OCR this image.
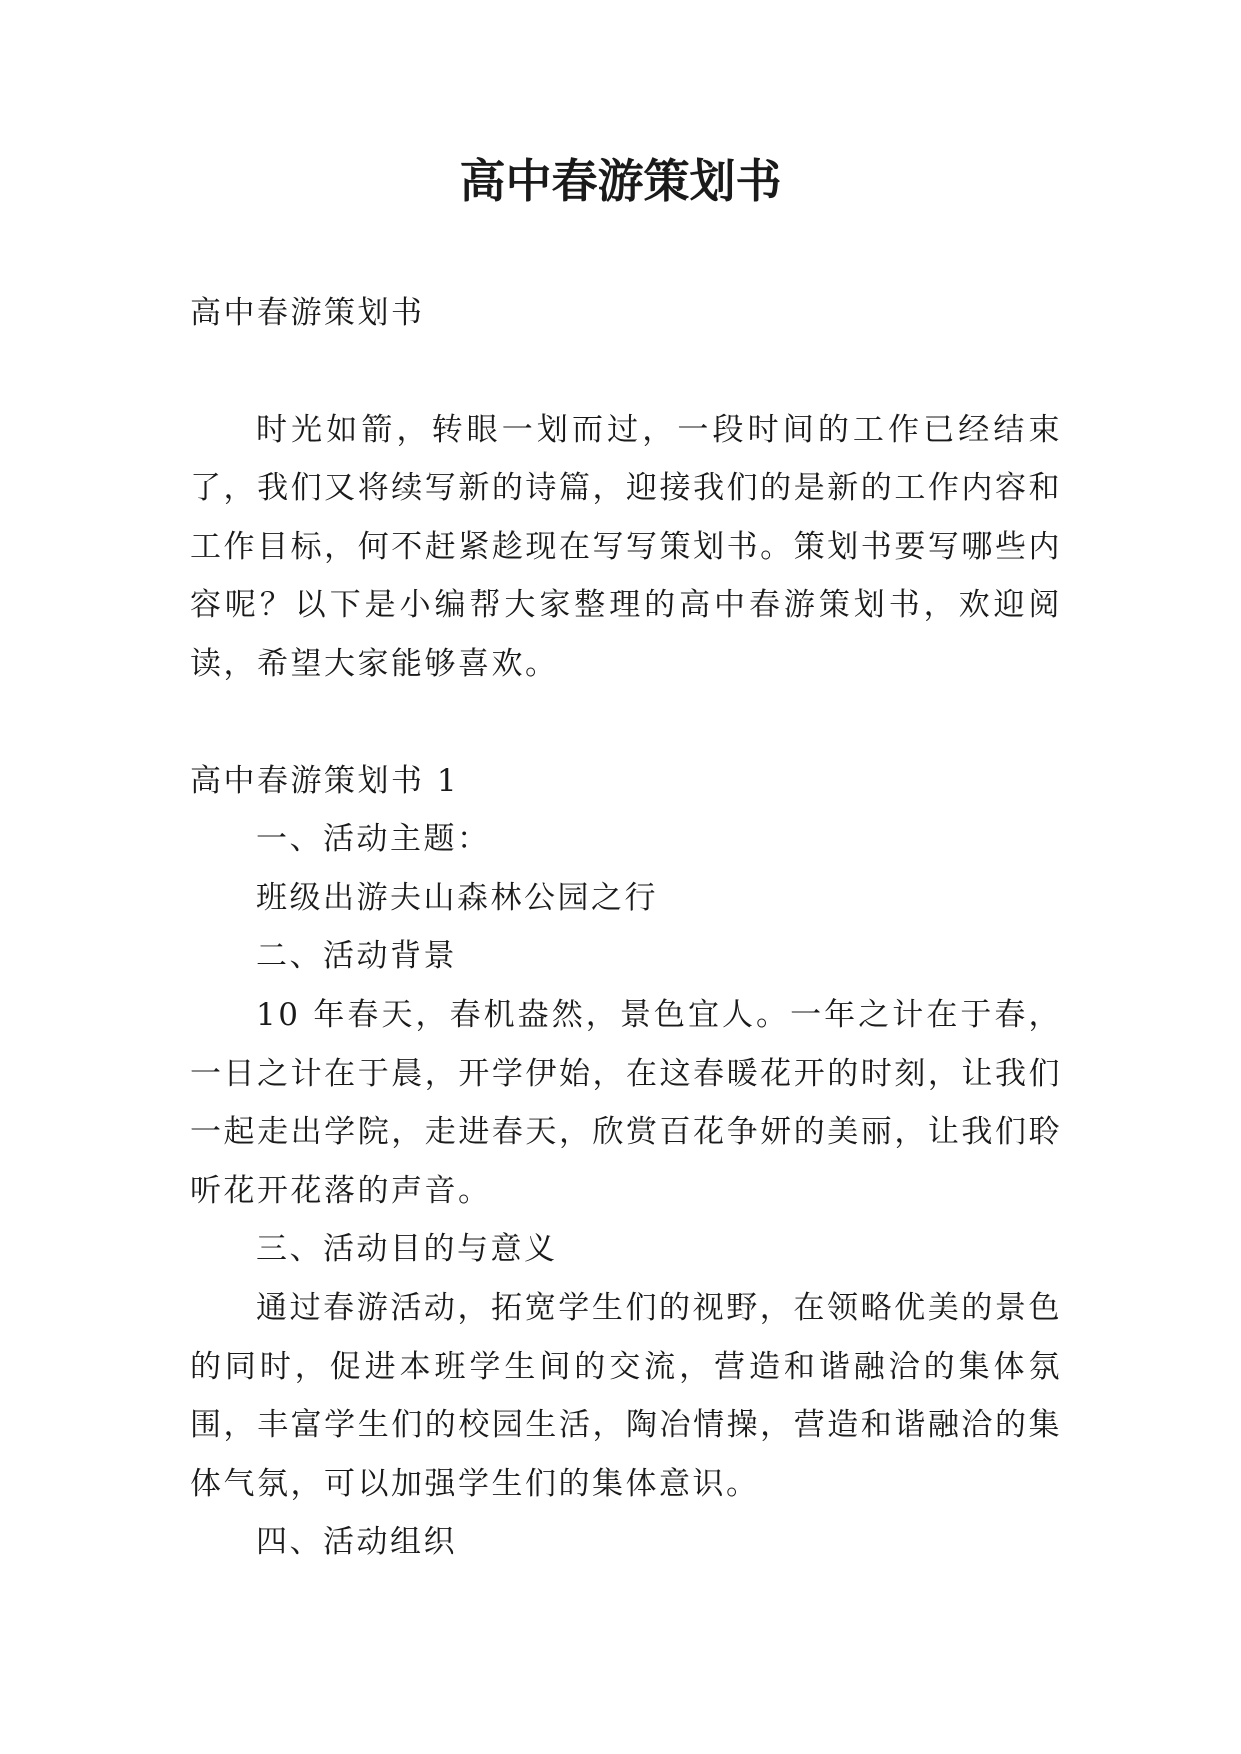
高中春游策划书

高中春游策划书

时光如箭，转眼一划而过，一段时间的工作已经结束了，我们又将续写新的诗篇，迎接我们的是新的工作内容和工作目标，何不赶紧趁现在写写策划书。策划书要写哪些内容呢？以下是小编帮大家整理的高中春游策划书，欢迎阅读，希望大家能够喜欢。

高中春游策划书 1

一、活动主题：

班级出游夫山森林公园之行

二、活动背景

10 年春天，春机盎然，景色宜人。一年之计在于春，一日之计在于晨，开学伊始，在这春暖花开的时刻，让我们一起走出学院，走进春天，欣赏百花争妍的美丽，让我们聆听花开花落的声音。

三、活动目的与意义

通过春游活动，拓宽学生们的视野，在领略优美的景色的同时，促进本班学生间的交流，营造和谐融洽的集体氛围，丰富学生们的校园生活，陶冶情操，营造和谐融洽的集体气氛，可以加强学生们的集体意识。

四、活动组织
